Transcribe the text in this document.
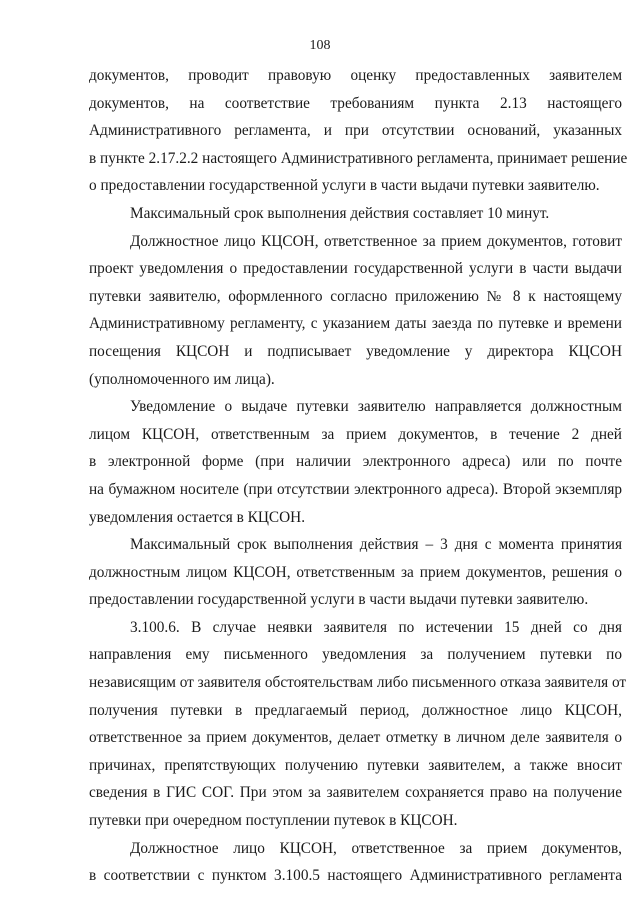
108
документов, проводит правовую оценку предоставленных заявителем
документов, на соответствие требованиям пункта 2.13 настоящего
Административного регламента, и при отсутствии оснований, указанных
в пункте 2.17.2.2 настоящего Административного регламента, принимает решение
о предоставлении государственной услуги в части выдачи путевки заявителю.
Максимальный срок выполнения действия составляет 10 минут.
Должностное лицо КЦСОН, ответственное за прием документов, готовит
проект уведомления о предоставлении государственной услуги в части выдачи
путевки заявителю, оформленного согласно приложению № 8 к настоящему
Административному регламенту, с указанием даты заезда по путевке и времени
посещения КЦСОН и подписывает уведомление у директора КЦСОН
(уполномоченного им лица).
Уведомление о выдаче путевки заявителю направляется должностным
лицом КЦСОН, ответственным за прием документов, в течение 2 дней
в электронной форме (при наличии электронного адреса) или по почте
на бумажном носителе (при отсутствии электронного адреса). Второй экземпляр
уведомления остается в КЦСОН.
Максимальный срок выполнения действия – 3 дня с момента принятия
должностным лицом КЦСОН, ответственным за прием документов, решения о
предоставлении государственной услуги в части выдачи путевки заявителю.
3.100.6. В случае неявки заявителя по истечении 15 дней со дня
направления ему письменного уведомления за получением путевки по
независящим от заявителя обстоятельствам либо письменного отказа заявителя от
получения путевки в предлагаемый период, должностное лицо КЦСОН,
ответственное за прием документов, делает отметку в личном деле заявителя о
причинах, препятствующих получению путевки заявителем, а также вносит
сведения в ГИС СОГ. При этом за заявителем сохраняется право на получение
путевки при очередном поступлении путевок в КЦСОН.
Должностное лицо КЦСОН, ответственное за прием документов,
в соответствии с пунктом 3.100.5 настоящего Административного регламента
